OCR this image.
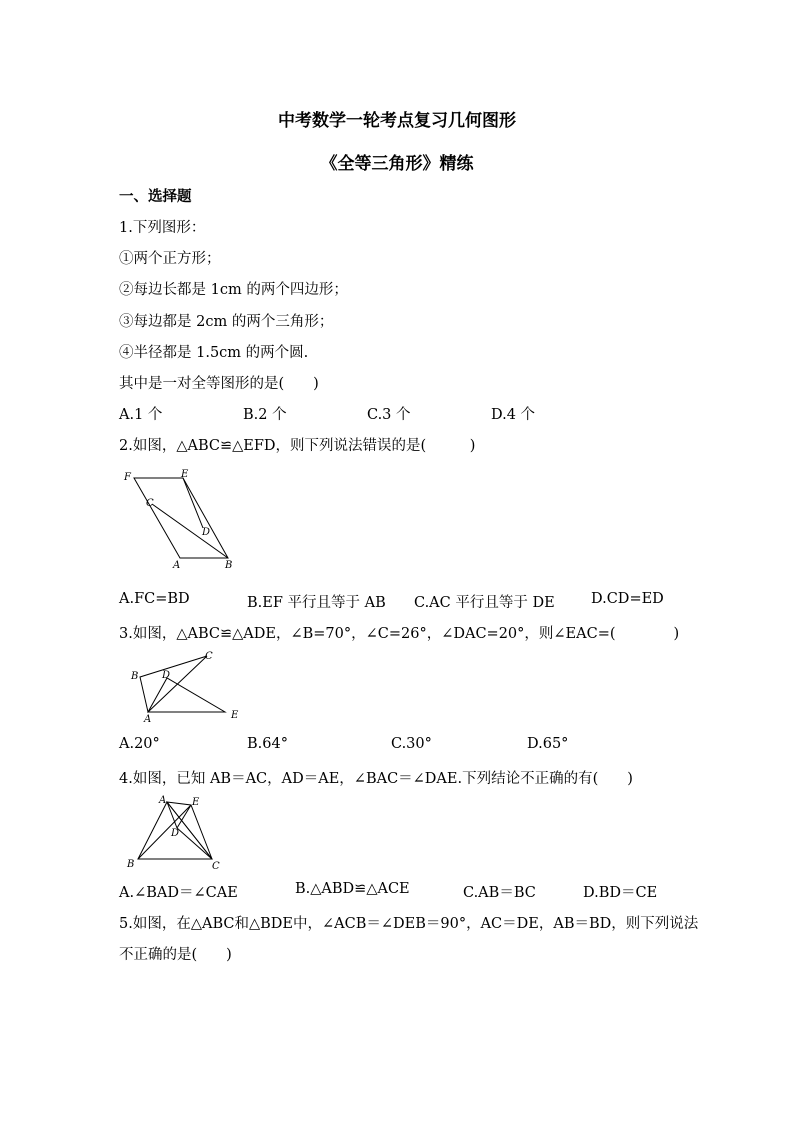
中考数学一轮考点复习几何图形
《全等三角形》精练
一、选择题
1.下列图形：
①两个正方形；
②每边长都是 1cm 的两个四边形；
③每边都是 2cm 的两个三角形；
④半径都是 1.5cm 的两个圆.
其中是一对全等图形的是(　　)
A.1 个	B.2 个	C.3 个	D.4 个
2.如图，△ABC≌△EFD，则下列说法错误的是(　　　)
F	E
C
D
A	B
A.FC=BD	B.EF 平行且等于 AB C.AC 平行且等于 DE	D.CD=ED
3.如图，△ABC≌△ADE，∠B=70°，∠C=26°，∠DAC=20°，则∠EAC=(　　　　)
C
B D
A	E
A.20°	B.64°	C.30°	D.65°
4.如图，已知 AB＝AC，AD＝AE，∠BAC＝∠DAE.下列结论不正确的有(　　)
A	E
D
B	C
A.∠BAD＝∠CAE	B.△ABD≌△ACE	C.AB＝BC	D.BD＝CE
5.如图，在△ABC和△BDE中，∠ACB＝∠DEB＝90°，AC＝DE，AB＝BD，则下列说法
不正确的是(　　)
